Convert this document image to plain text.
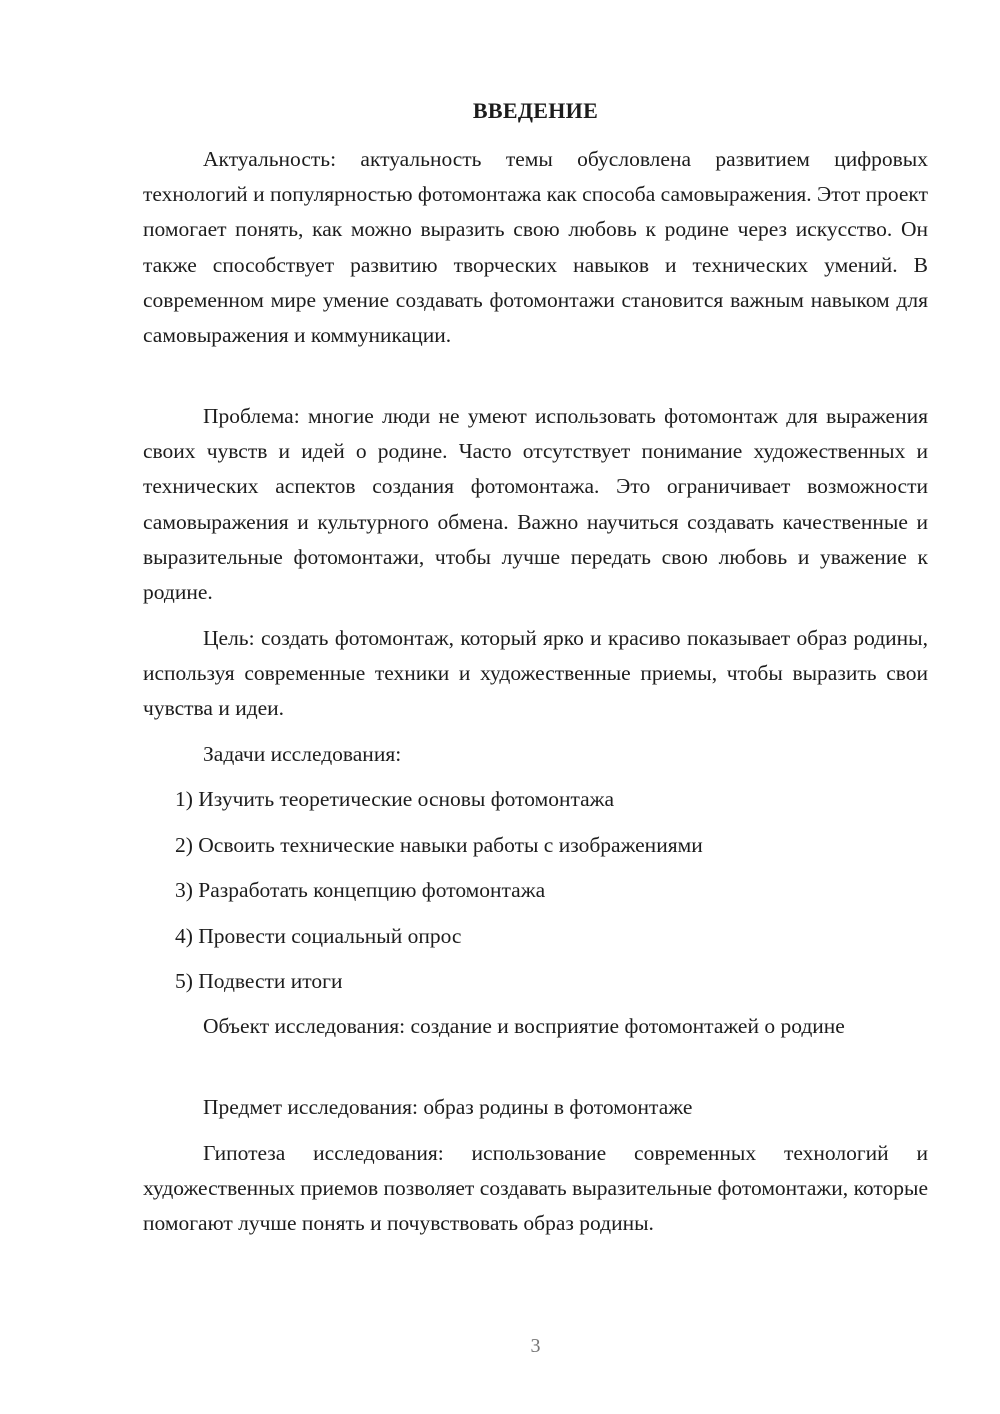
ВВЕДЕНИЕ

Актуальность: актуальность темы обусловлена развитием цифровых технологий и популярностью фотомонтажа как способа самовыражения. Этот проект помогает понять, как можно выразить свою любовь к родине через искусство. Он также способствует развитию творческих навыков и технических умений. В современном мире умение создавать фотомонтажи становится важным навыком для самовыражения и коммуникации.

Проблема: многие люди не умеют использовать фотомонтаж для выражения своих чувств и идей о родине. Часто отсутствует понимание художественных и технических аспектов создания фотомонтажа. Это ограничивает возможности самовыражения и культурного обмена. Важно научиться создавать качественные и выразительные фотомонтажи, чтобы лучше передать свою любовь и уважение к родине.

Цель: создать фотомонтаж, который ярко и красиво показывает образ родины, используя современные техники и художественные приемы, чтобы выразить свои чувства и идеи.

Задачи исследования:

1) Изучить теоретические основы фотомонтажа

2) Освоить технические навыки работы с изображениями

3) Разработать концепцию фотомонтажа

4) Провести социальный опрос

5) Подвести итоги

Объект исследования: создание и восприятие фотомонтажей о родине

Предмет исследования: образ родины в фотомонтаже

Гипотеза исследования: использование современных технологий и художественных приемов позволяет создавать выразительные фотомонтажи, которые помогают лучше понять и почувствовать образ родины.

3
